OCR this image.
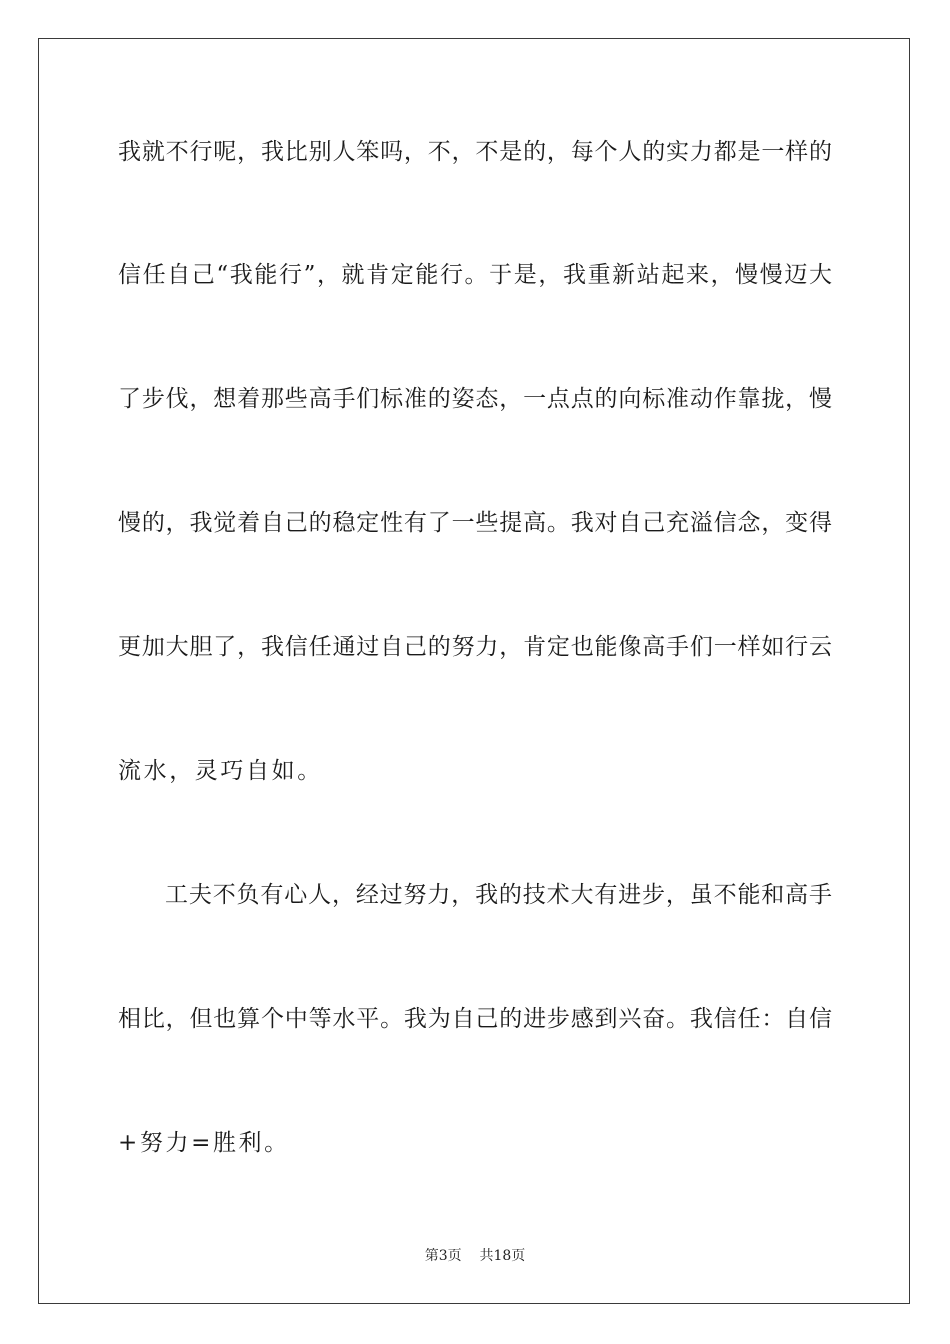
我就不行呢，我比别人笨吗，不，不是的，每个人的实力都是一样的
信任自己“我能行”，就肯定能行。于是，我重新站起来，慢慢迈大
了步伐，想着那些高手们标准的姿态，一点点的向标准动作靠拢，慢
慢的，我觉着自己的稳定性有了一些提高。我对自己充溢信念，变得
更加大胆了，我信任通过自己的努力，肯定也能像高手们一样如行云
流水，灵巧自如。
工夫不负有心人，经过努力，我的技术大有进步，虽不能和高手
相比，但也算个中等水平。我为自己的进步感到兴奋。我信任：自信
+努力=胜利。
第3页 共18页
